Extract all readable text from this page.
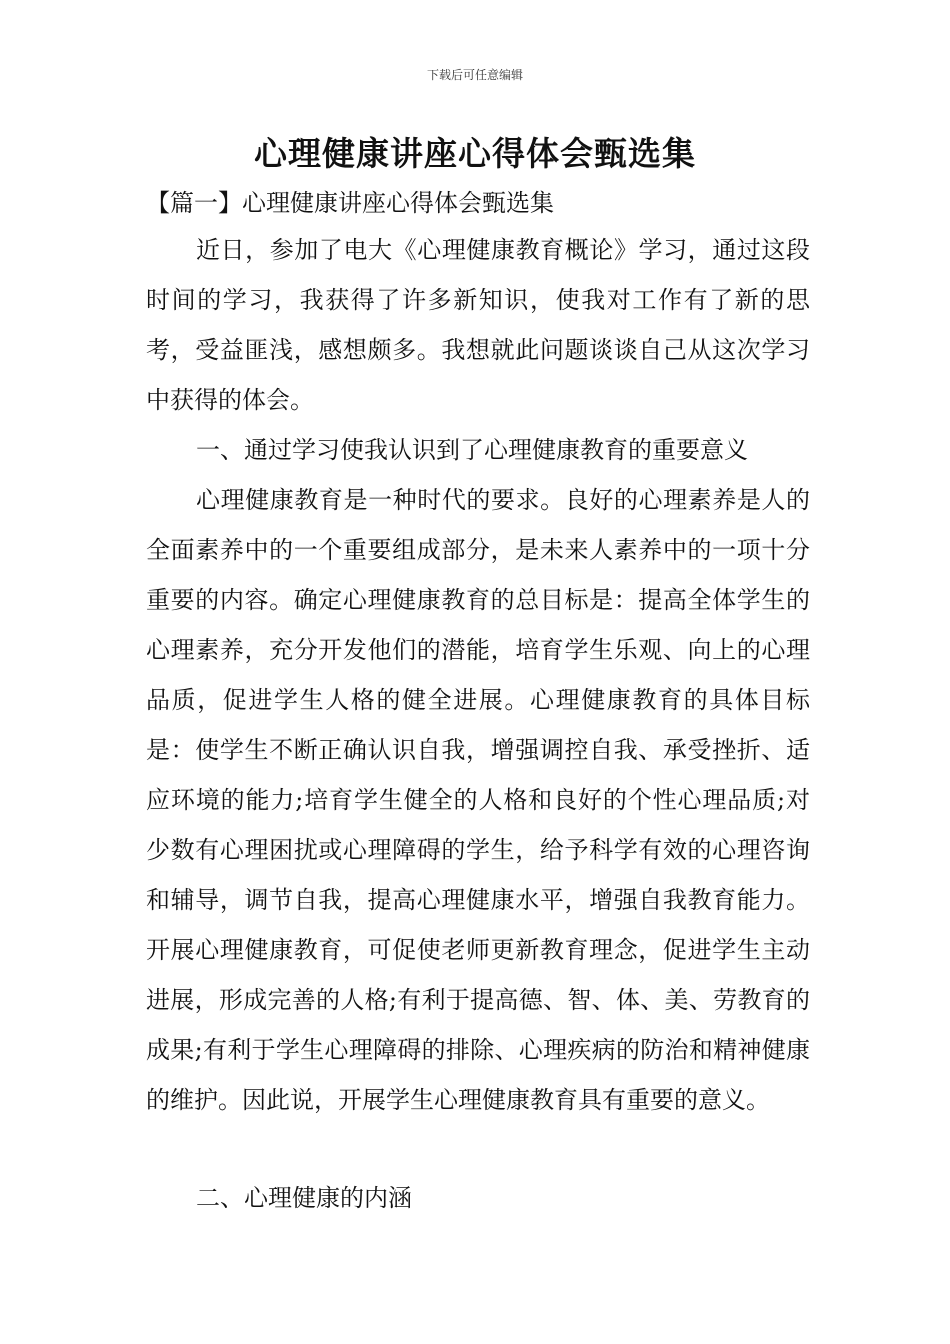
下载后可任意编辑
心理健康讲座心得体会甄选集
【篇一】心理健康讲座心得体会甄选集

近日，参加了电大《心理健康教育概论》学习，通过这段时间的学习，我获得了许多新知识，使我对工作有了新的思考，受益匪浅，感想颇多。我想就此问题谈谈自己从这次学习中获得的体会。

一、通过学习使我认识到了心理健康教育的重要意义

心理健康教育是一种时代的要求。良好的心理素养是人的全面素养中的一个重要组成部分，是未来人素养中的一项十分重要的内容。确定心理健康教育的总目标是：提高全体学生的心理素养，充分开发他们的潜能，培育学生乐观、向上的心理品质，促进学生人格的健全进展。心理健康教育的具体目标是：使学生不断正确认识自我，增强调控自我、承受挫折、适应环境的能力;培育学生健全的人格和良好的个性心理品质;对少数有心理困扰或心理障碍的学生，给予科学有效的心理咨询和辅导，调节自我，提高心理健康水平，增强自我教育能力。开展心理健康教育，可促使老师更新教育理念，促进学生主动进展，形成完善的人格;有利于提高德、智、体、美、劳教育的成果;有利于学生心理障碍的排除、心理疾病的防治和精神健康的维护。因此说，开展学生心理健康教育具有重要的意义。

二、心理健康的内涵
